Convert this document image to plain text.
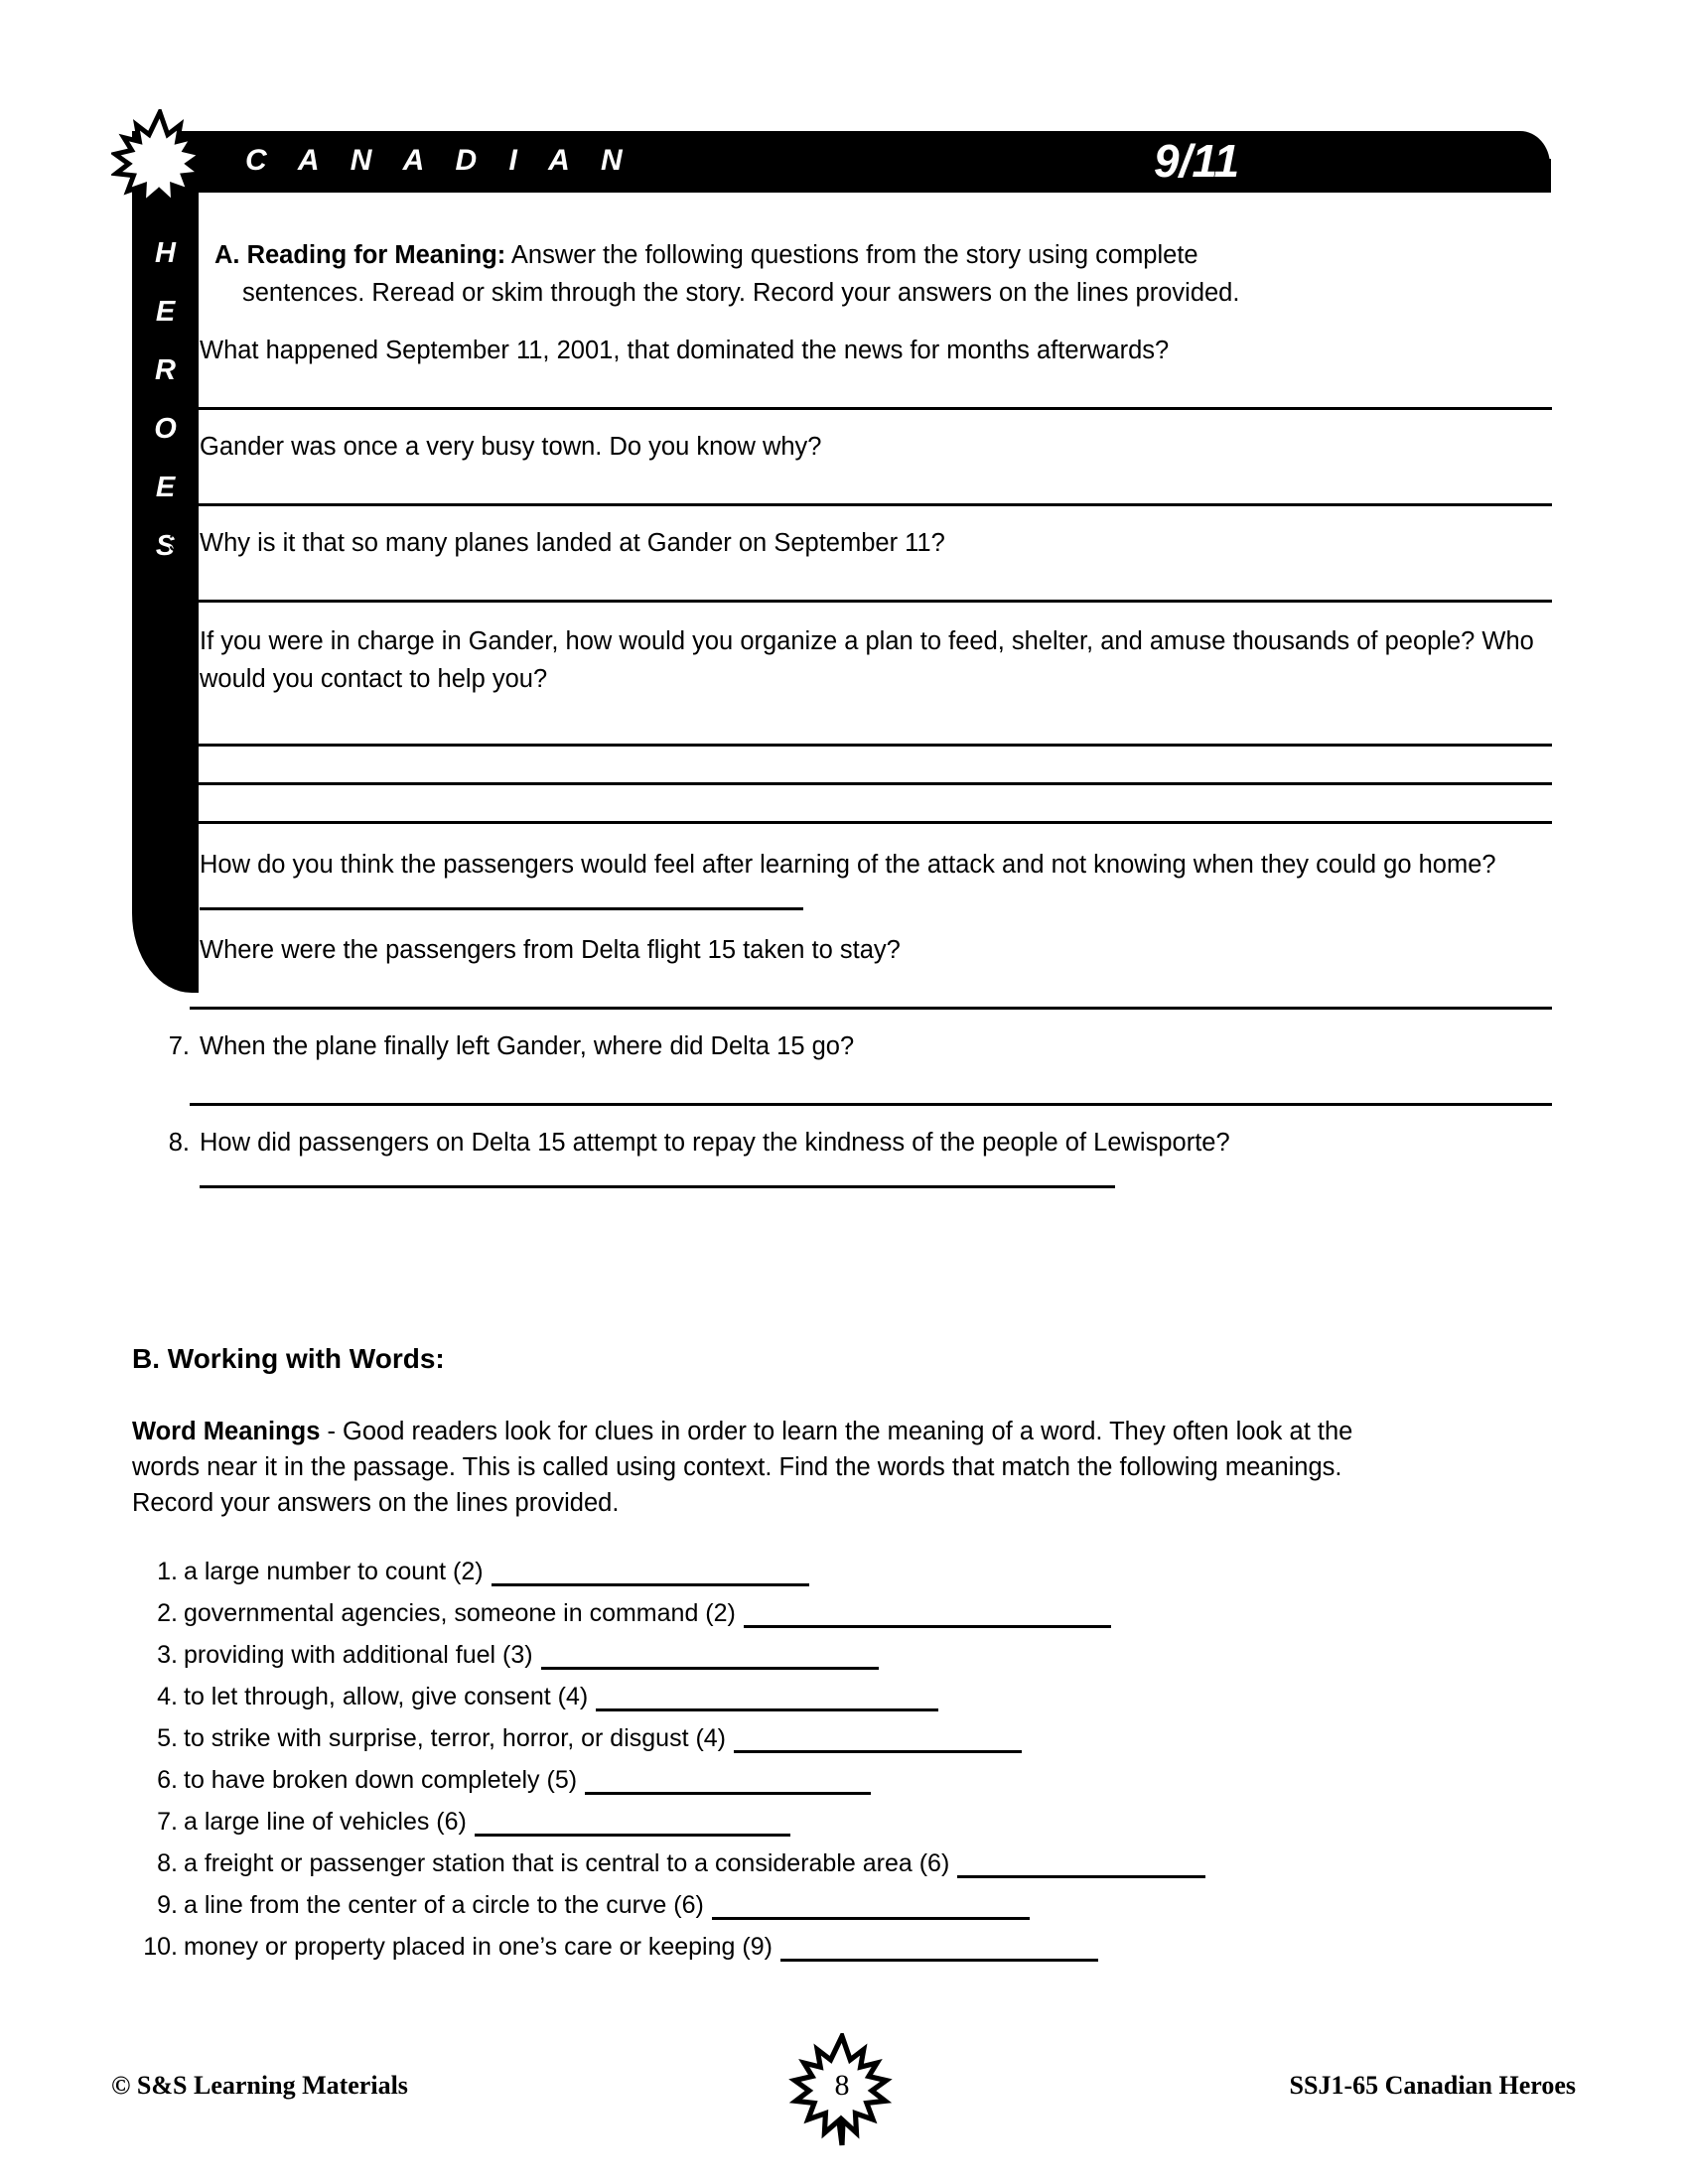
C A N A D I A N	9/11
H
E
R
O
E
S
A. Reading for Meaning: Answer the following questions from the story using complete
sentences. Reread or skim through the story. Record your answers on the lines provided.
1. What happened September 11, 2001, that dominated the news for months afterwards?
2. Gander was once a very busy town. Do you know why?
3. Why is it that so many planes landed at Gander on September 11?
4. If you were in charge in Gander, how would you organize a plan to feed, shelter, and amuse thousands of people? Who would you contact to help you?
5. How do you think the passengers would feel after learning of the attack and not knowing when they could go home?
6. Where were the passengers from Delta flight 15 taken to stay?
7. When the plane finally left Gander, where did Delta 15 go?
8. How did passengers on Delta 15 attempt to repay the kindness of the people of Lewisporte?
B. Working with Words:
Word Meanings - Good readers look for clues in order to learn the meaning of a word. They often look at the words near it in the passage. This is called using context. Find the words that match the following meanings. Record your answers on the lines provided.
1. a large number to count (2)
2. governmental agencies, someone in command (2)
3. providing with additional fuel (3)
4. to let through, allow, give consent (4)
5. to strike with surprise, terror, horror, or disgust (4)
6. to have broken down completely (5)
7. a large line of vehicles (6)
8. a freight or passenger station that is central to a considerable area (6)
9. a line from the center of a circle to the curve (6)
10. money or property placed in one’s care or keeping (9)
© S&S Learning Materials	8	SSJ1-65 Canadian Heroes
